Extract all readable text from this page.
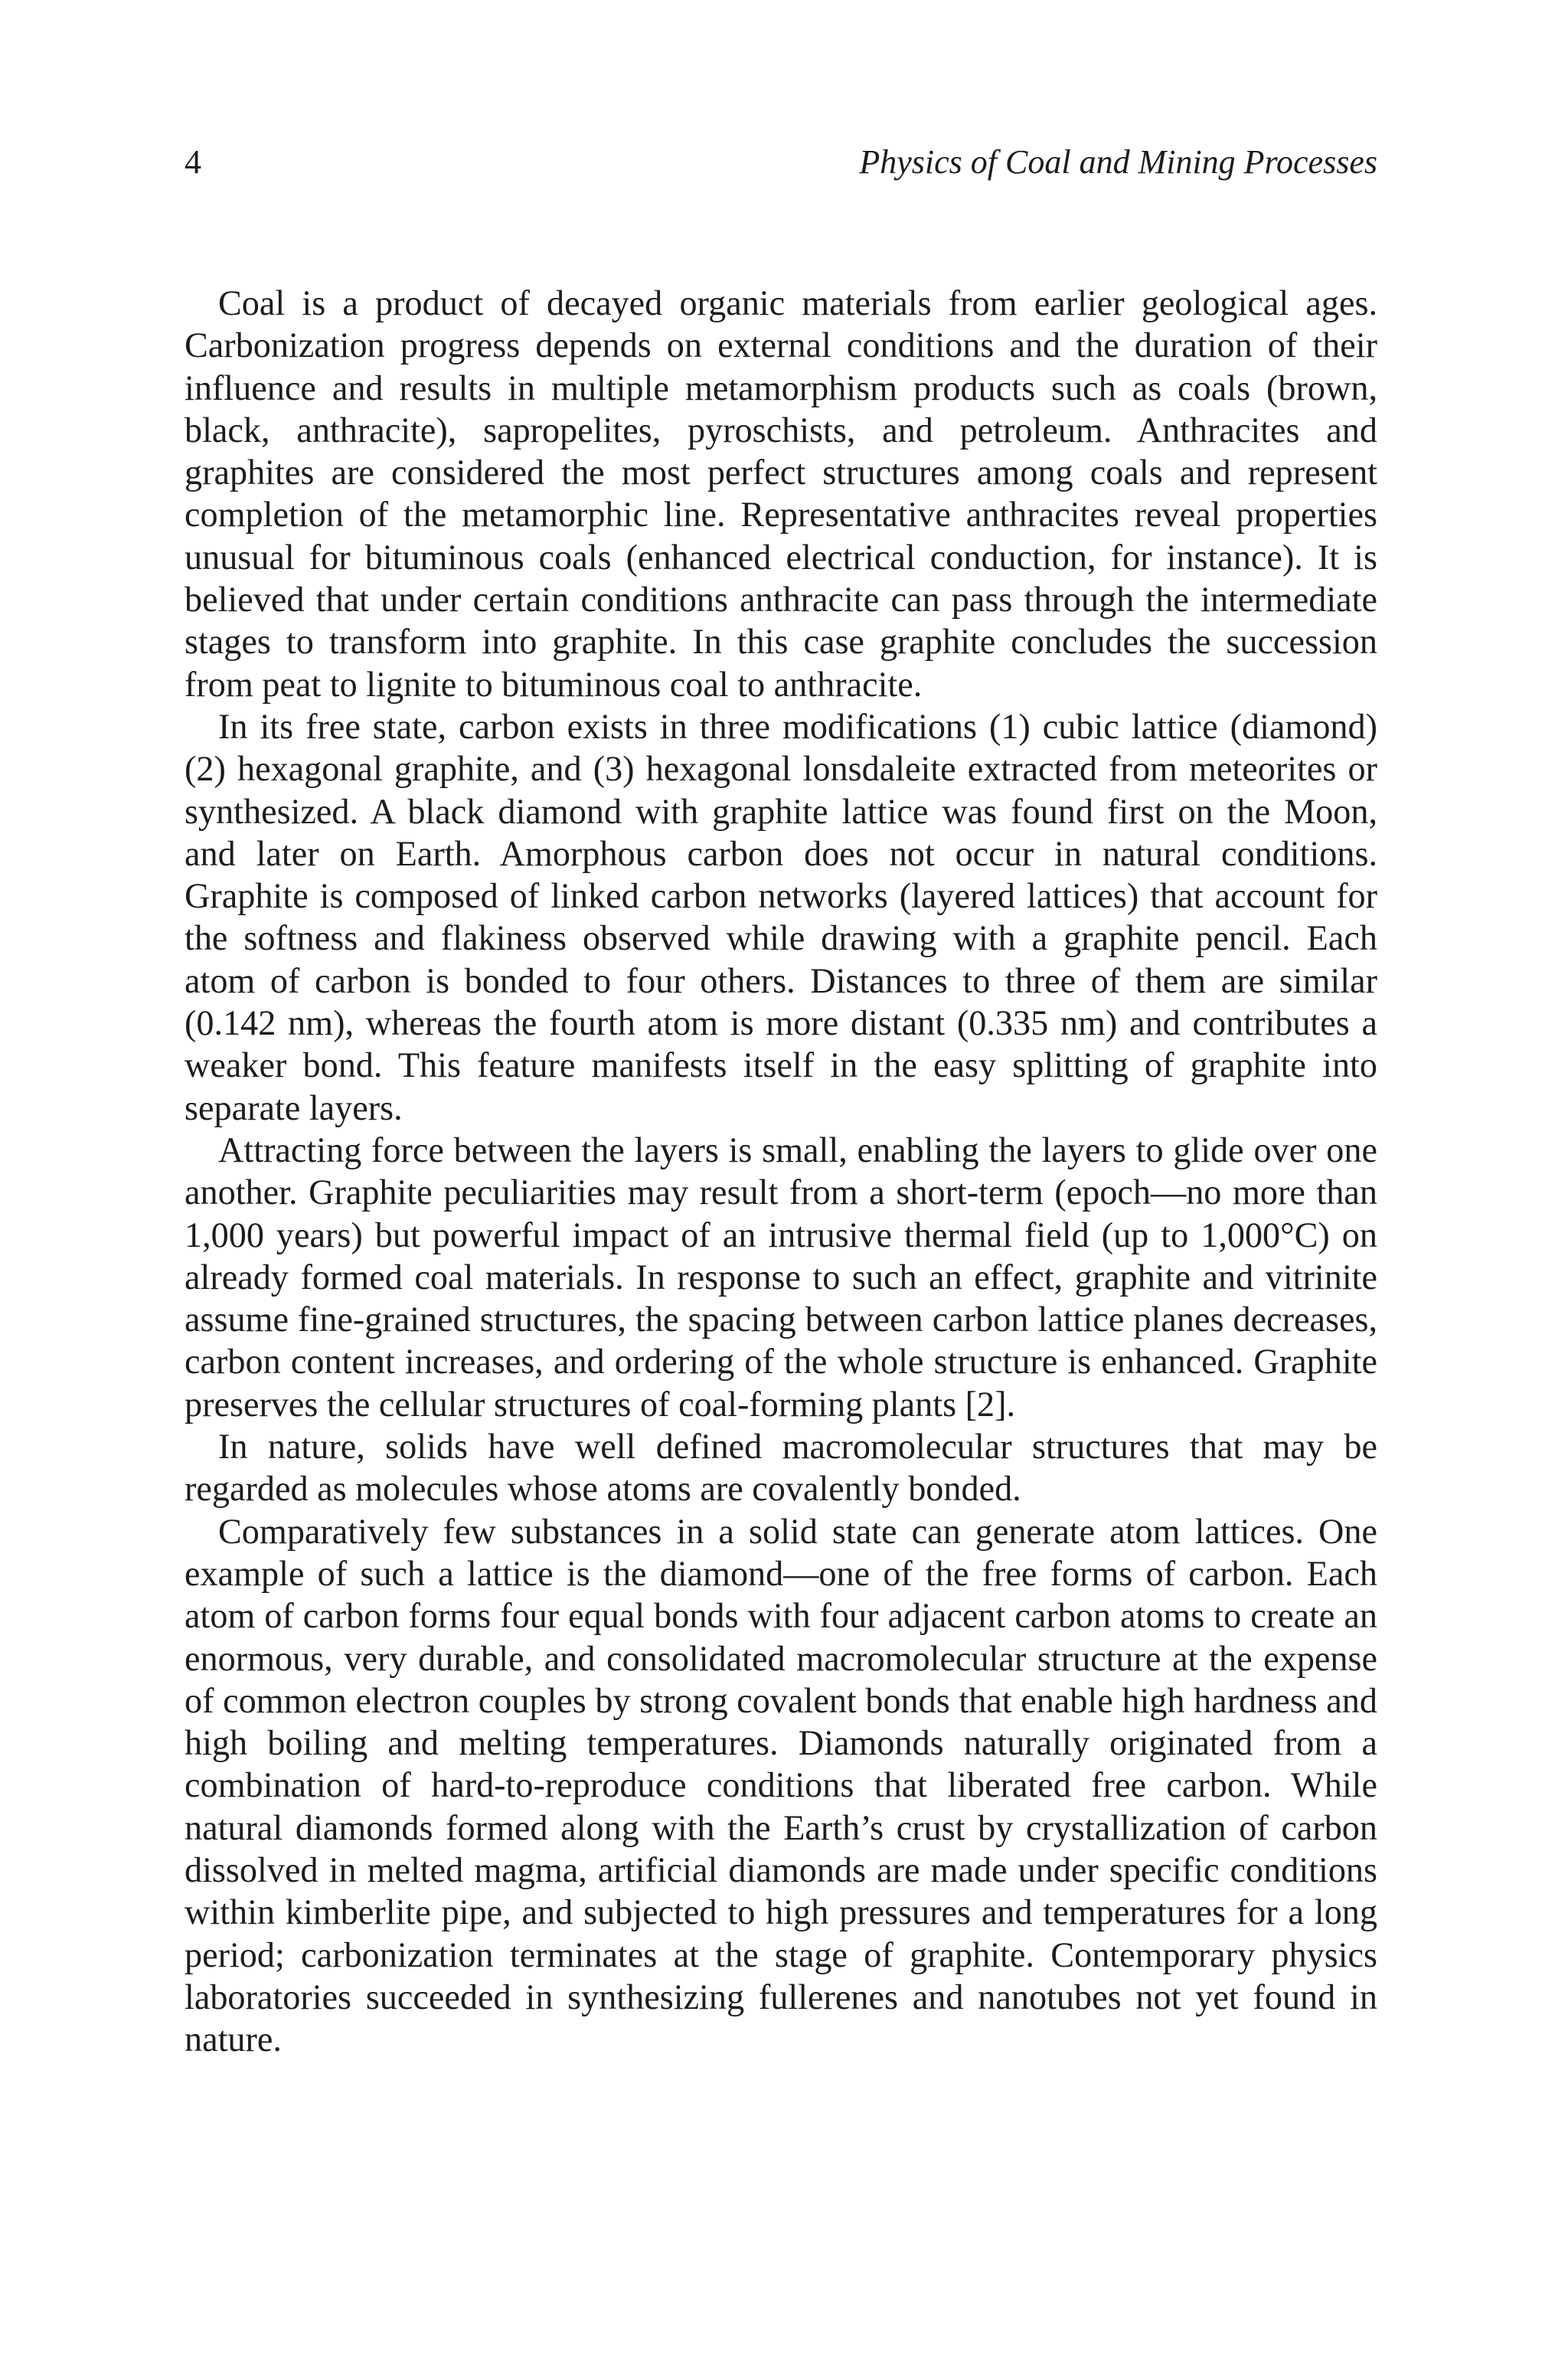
4	Physics of Coal and Mining Processes

Coal is a product of decayed organic materials from earlier geological ages. Carbonization progress depends on external conditions and the duration of their influence and results in multiple metamorphism products such as coals (brown, black, anthracite), sapropelites, pyroschists, and petroleum. Anthracites and graphites are considered the most perfect structures among coals and represent completion of the metamorphic line. Representative anthracites reveal properties unusual for bituminous coals (enhanced electrical conduction, for instance). It is believed that under certain conditions anthracite can pass through the intermediate stages to transform into graphite. In this case graphite concludes the succession from peat to lignite to bituminous coal to anthracite.

In its free state, carbon exists in three modifications (1) cubic lattice (diamond) (2) hexagonal graphite, and (3) hexagonal lonsdaleite extracted from meteorites or synthesized. A black diamond with graphite lattice was found first on the Moon, and later on Earth. Amorphous carbon does not occur in natural conditions. Graphite is composed of linked carbon networks (layered lattices) that account for the softness and flakiness observed while drawing with a graphite pencil. Each atom of carbon is bonded to four others. Distances to three of them are similar (0.142 nm), whereas the fourth atom is more distant (0.335 nm) and contributes a weaker bond. This feature manifests itself in the easy splitting of graphite into separate layers.

Attracting force between the layers is small, enabling the layers to glide over one another. Graphite peculiarities may result from a short-term (epoch—no more than 1,000 years) but powerful impact of an intrusive thermal field (up to 1,000°C) on already formed coal materials. In response to such an effect, graphite and vitrinite assume fine-grained structures, the spacing between carbon lattice planes decreases, carbon content increases, and ordering of the whole structure is enhanced. Graphite preserves the cellular structures of coal-forming plants [2].

In nature, solids have well defined macromolecular structures that may be regarded as molecules whose atoms are covalently bonded.

Comparatively few substances in a solid state can generate atom lattices. One example of such a lattice is the diamond—one of the free forms of carbon. Each atom of carbon forms four equal bonds with four adjacent carbon atoms to create an enormous, very durable, and consolidated macromolecular structure at the expense of common electron couples by strong covalent bonds that enable high hardness and high boiling and melting temperatures. Diamonds naturally originated from a combination of hard-to-reproduce conditions that liberated free carbon. While natural diamonds formed along with the Earth’s crust by crystallization of carbon dissolved in melted magma, artificial diamonds are made under specific conditions within kimberlite pipe, and subjected to high pressures and temperatures for a long period; carbonization terminates at the stage of graphite. Contemporary physics laboratories succeeded in synthesizing fullerenes and nanotubes not yet found in nature.
